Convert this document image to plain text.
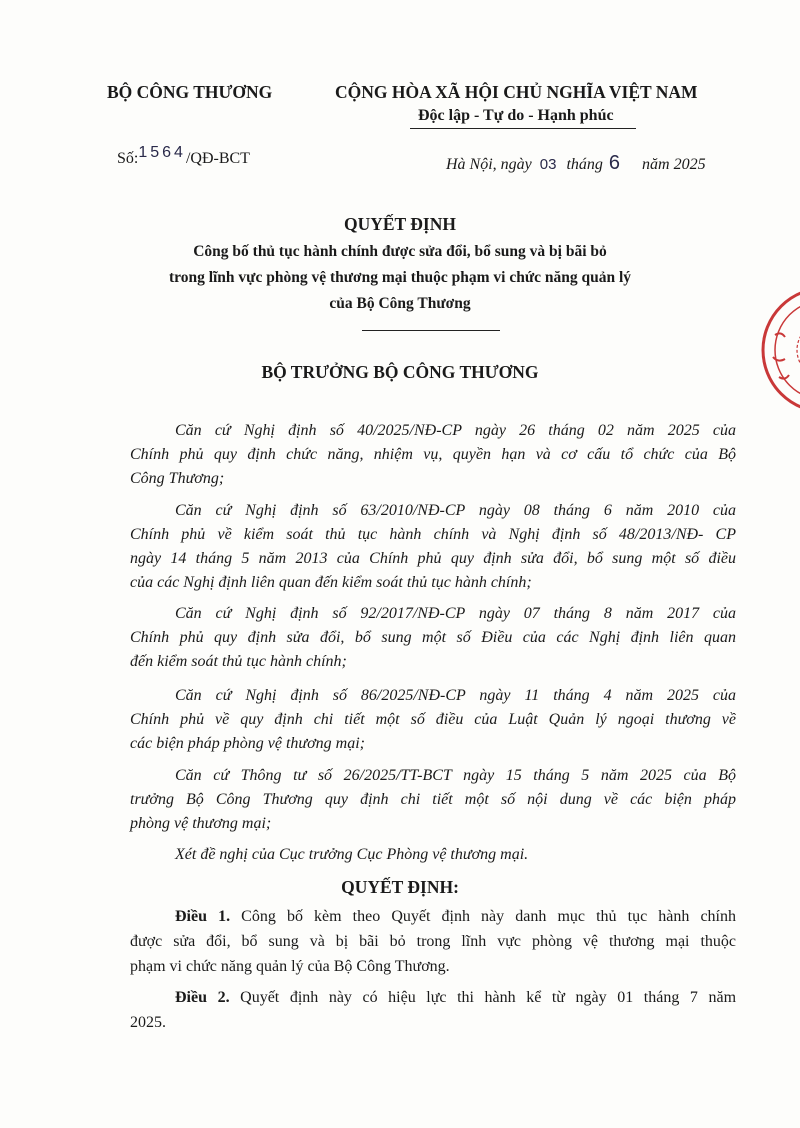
BỘ CÔNG THƯƠNG	CỘNG HÒA XÃ HỘI CHỦ NGHĨA VIỆT NAM
Độc lập - Tự do - Hạnh phúc
Số:1564/QĐ-BCT	Hà Nội, ngày 03 tháng 6 năm 2025
QUYẾT ĐỊNH
Công bố thủ tục hành chính được sửa đổi, bổ sung và bị bãi bỏ
trong lĩnh vực phòng vệ thương mại thuộc phạm vi chức năng quản lý
của Bộ Công Thương
BỘ TRƯỞNG BỘ CÔNG THƯƠNG
Căn cứ Nghị định số 40/2025/NĐ-CP ngày 26 tháng 02 năm 2025 của
Chính phủ quy định chức năng, nhiệm vụ, quyền hạn và cơ cấu tổ chức của Bộ
Công Thương;
Căn cứ Nghị định số 63/2010/NĐ-CP ngày 08 tháng 6 năm 2010 của
Chính phủ về kiểm soát thủ tục hành chính và Nghị định số 48/2013/NĐ- CP
ngày 14 tháng 5 năm 2013 của Chính phủ quy định sửa đổi, bổ sung một số điều
của các Nghị định liên quan đến kiểm soát thủ tục hành chính;
Căn cứ Nghị định số 92/2017/NĐ-CP ngày 07 tháng 8 năm 2017 của
Chính phủ quy định sửa đổi, bổ sung một số Điều của các Nghị định liên quan
đến kiểm soát thủ tục hành chính;
Căn cứ Nghị định số 86/2025/NĐ-CP ngày 11 tháng 4 năm 2025 của
Chính phủ về quy định chi tiết một số điều của Luật Quản lý ngoại thương về
các biện pháp phòng vệ thương mại;
Căn cứ Thông tư số 26/2025/TT-BCT ngày 15 tháng 5 năm 2025 của Bộ
trưởng Bộ Công Thương quy định chi tiết một số nội dung về các biện pháp
phòng vệ thương mại;
Xét đề nghị của Cục trưởng Cục Phòng vệ thương mại.
QUYẾT ĐỊNH:
Điều 1. Công bố kèm theo Quyết định này danh mục thủ tục hành chính
được sửa đổi, bổ sung và bị bãi bỏ trong lĩnh vực phòng vệ thương mại thuộc
phạm vi chức năng quản lý của Bộ Công Thương.
Điều 2. Quyết định này có hiệu lực thi hành kể từ ngày 01 tháng 7 năm
2025.
